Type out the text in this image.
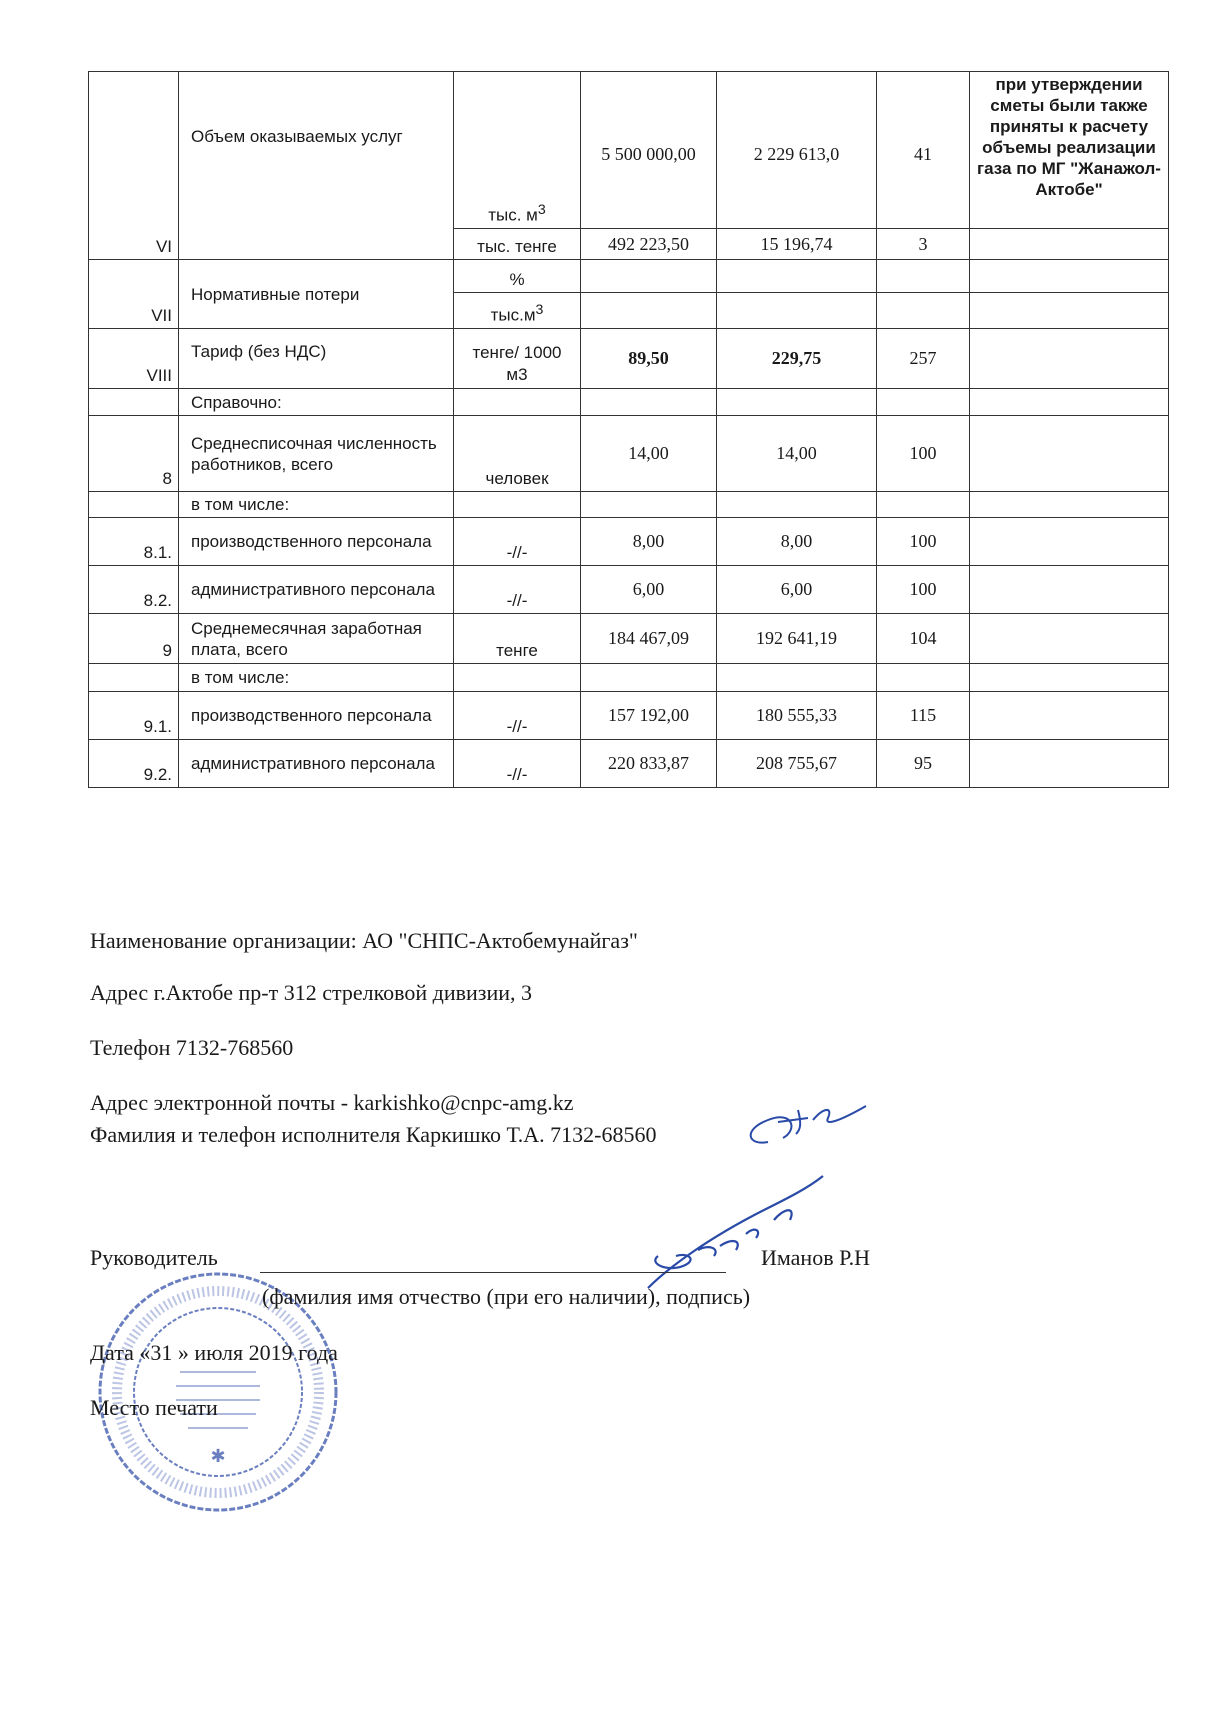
VI	Объем оказываемых услуг	тыс. $м^3$	5 500 000,00	2 229 613,0	41	при утверждении сметы были также приняты к расчету объемы реализации газа по МГ "Жанажол-Актобе"
		тыс. тенге	492 223,50	15 196,74	3	
VII	Нормативные потери	%				
		$тыс.м^3$				
VIII	Тариф (без НДС)	тенге/ 1000 м3	89,50	229,75	257	
	Справочно:					
8	Среднесписочная численность работников, всего	человек	14,00	14,00	100	
	в том числе:					
8.1.	производственного персонала	-//-	8,00	8,00	100	
8.2.	административного персонала	-//-	6,00	6,00	100	
9	Среднемесячная заработная плата, всего	тенге	184 467,09	192 641,19	104	
	в том числе:					
9.1.	производственного персонала	-//-	157 192,00	180 555,33	115	
9.2.	административного персонала	-//-	220 833,87	208 755,67	95	
Наименование организации: АО "СНПС-Актобемунайгаз"
Адрес г.Актобе пр-т 312 стрелковой дивизии, 3
Телефон 7132-768560
Адрес электронной почты - karkishko@cnpc-amg.kz
Фамилия и телефон исполнителя Каркишко Т.А. 7132-68560
✱
Руководитель	Иманов Р.Н
(фамилия имя отчество (при его наличии), подпись)
Дата «31 » июля 2019 года
Место печати
